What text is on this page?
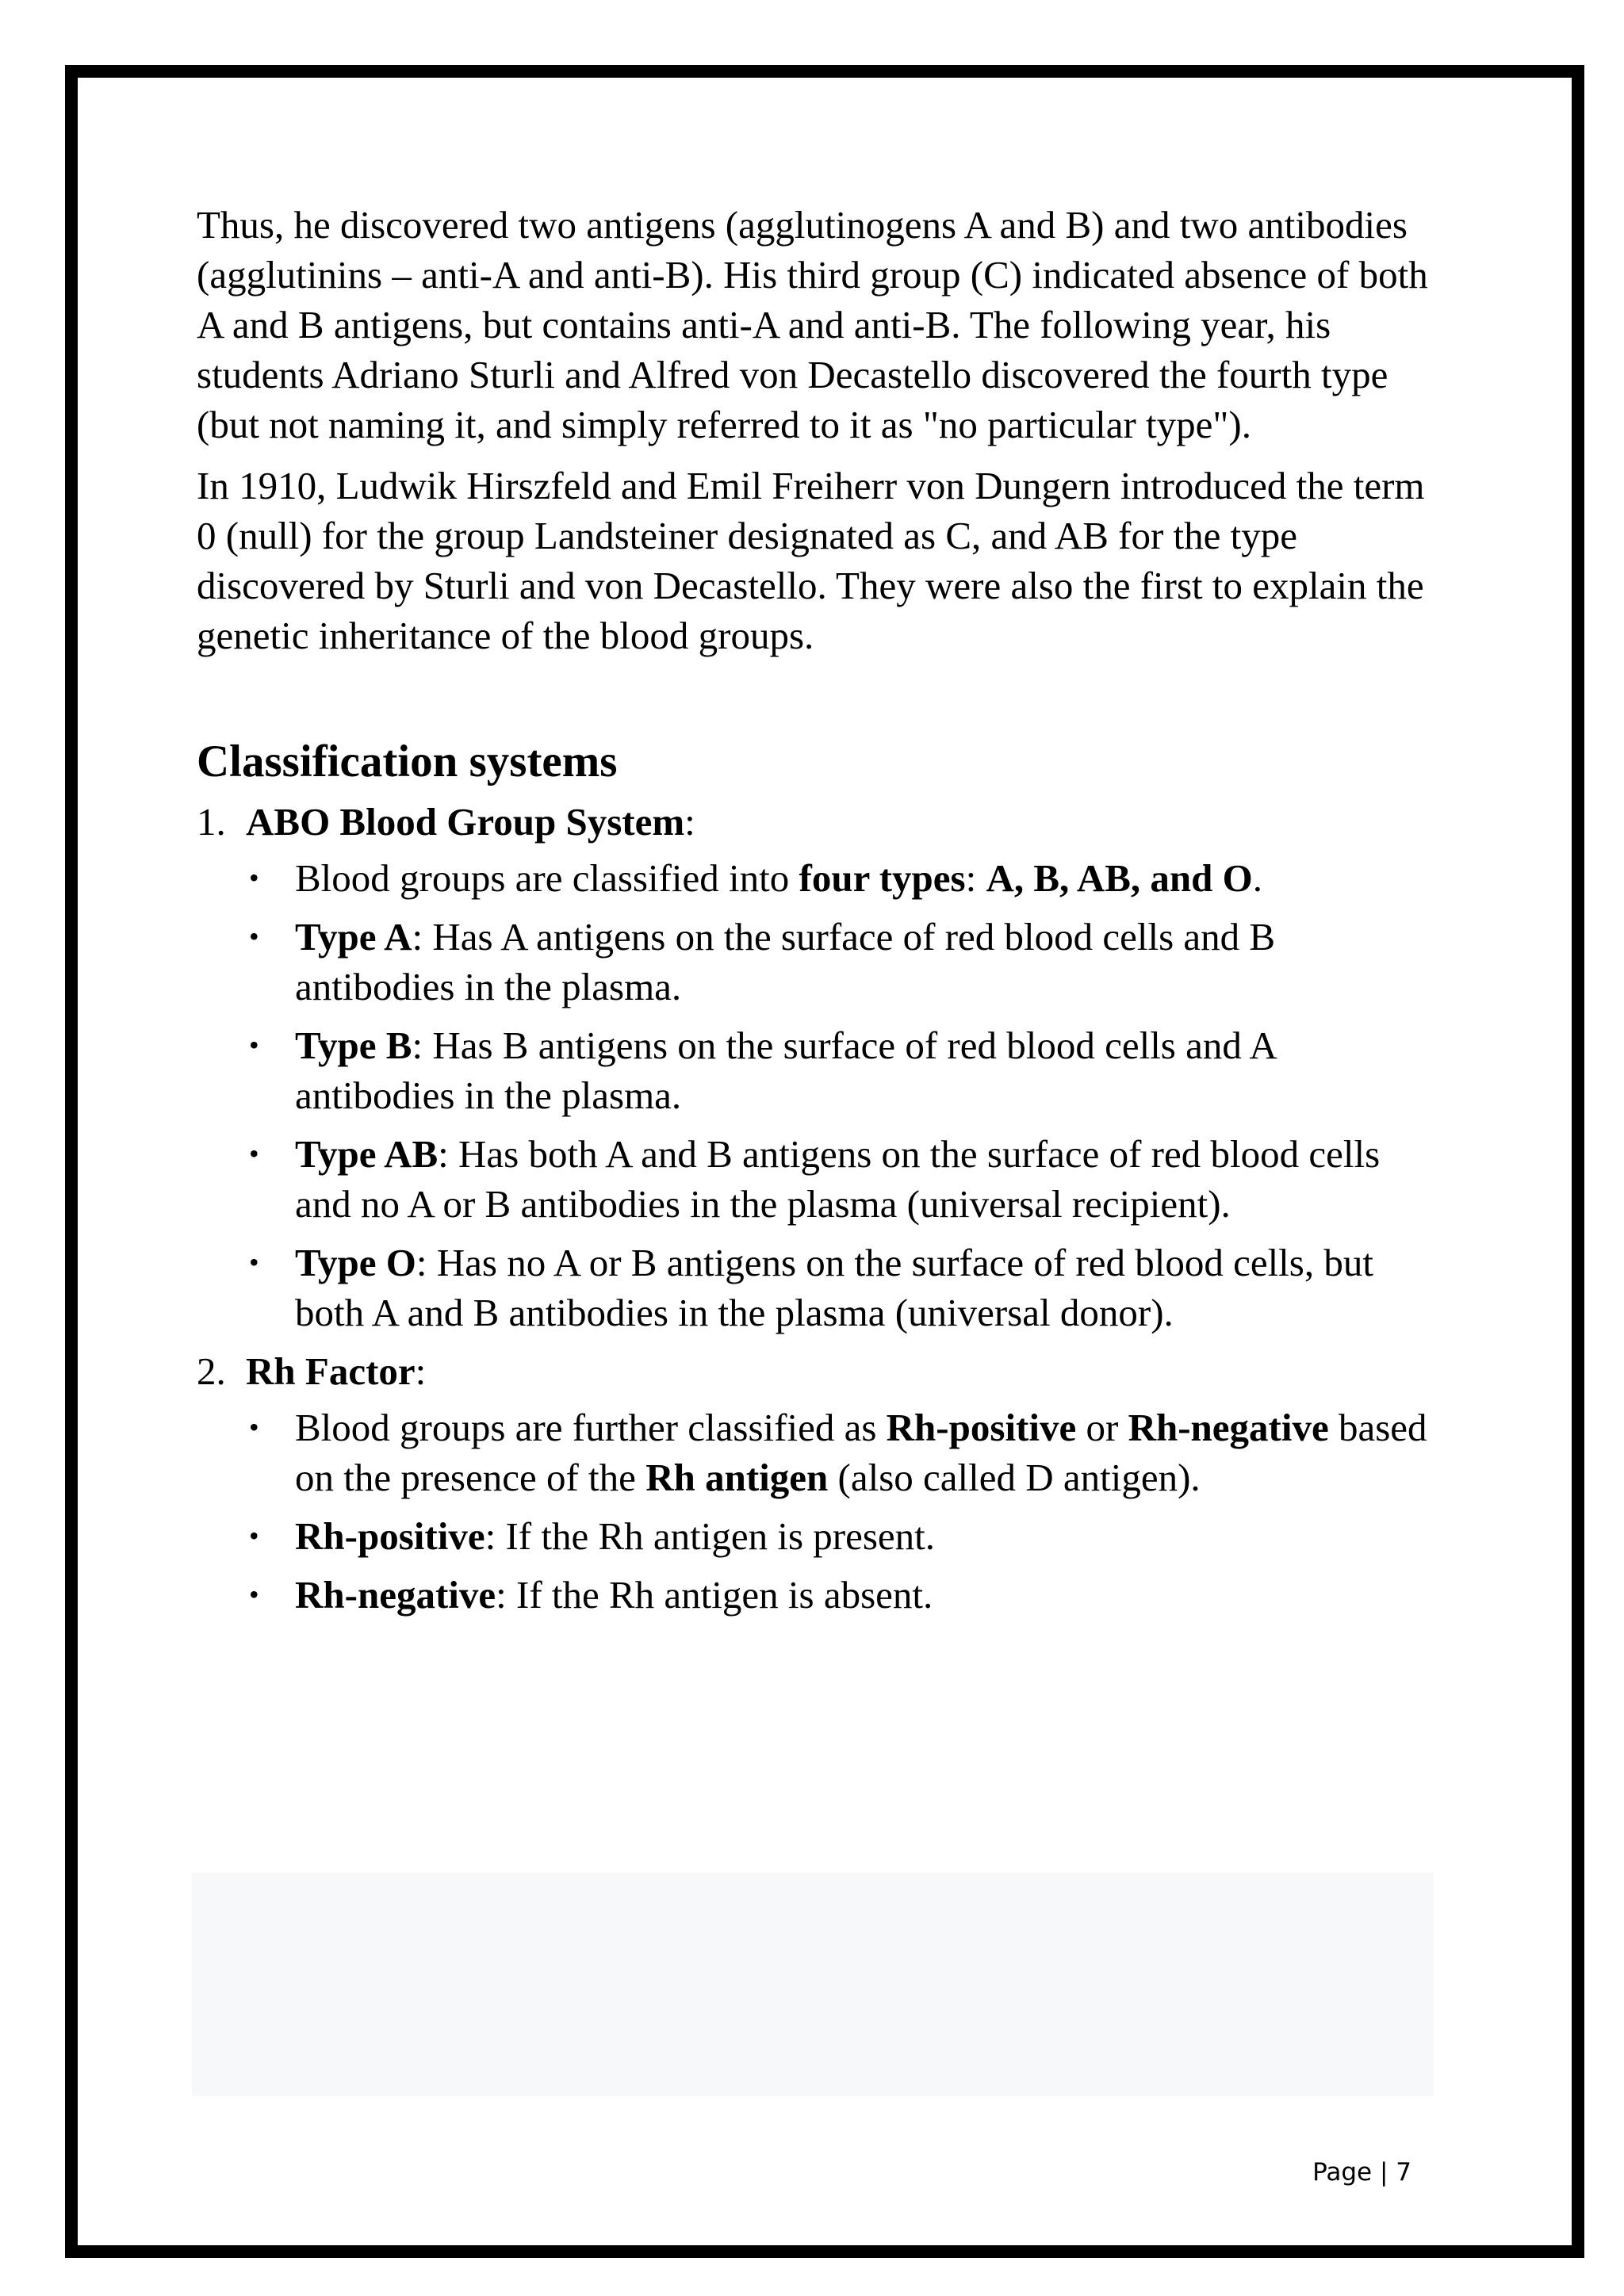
Thus, he discovered two antigens (agglutinogens A and B) and two antibodies (agglutinins – anti-A and anti-B). His third group (C) indicated absence of both A and B antigens, but contains anti-A and anti-B. The following year, his students Adriano Sturli and Alfred von Decastello discovered the fourth type (but not naming it, and simply referred to it as "no particular type").

In 1910, Ludwik Hirszfeld and Emil Freiherr von Dungern introduced the term 0 (null) for the group Landsteiner designated as C, and AB for the type discovered by Sturli and von Decastello. They were also the first to explain the genetic inheritance of the blood groups.

Classification systems
1. ABO Blood Group System:
• Blood groups are classified into four types: A, B, AB, and O.
• Type A: Has A antigens on the surface of red blood cells and B antibodies in the plasma.
• Type B: Has B antigens on the surface of red blood cells and A antibodies in the plasma.
• Type AB: Has both A and B antigens on the surface of red blood cells and no A or B antibodies in the plasma (universal recipient).
• Type O: Has no A or B antigens on the surface of red blood cells, but both A and B antibodies in the plasma (universal donor).
2. Rh Factor:
• Blood groups are further classified as Rh-positive or Rh-negative based on the presence of the Rh antigen (also called D antigen).
• Rh-positive: If the Rh antigen is present.
• Rh-negative: If the Rh antigen is absent.
Page | 7
